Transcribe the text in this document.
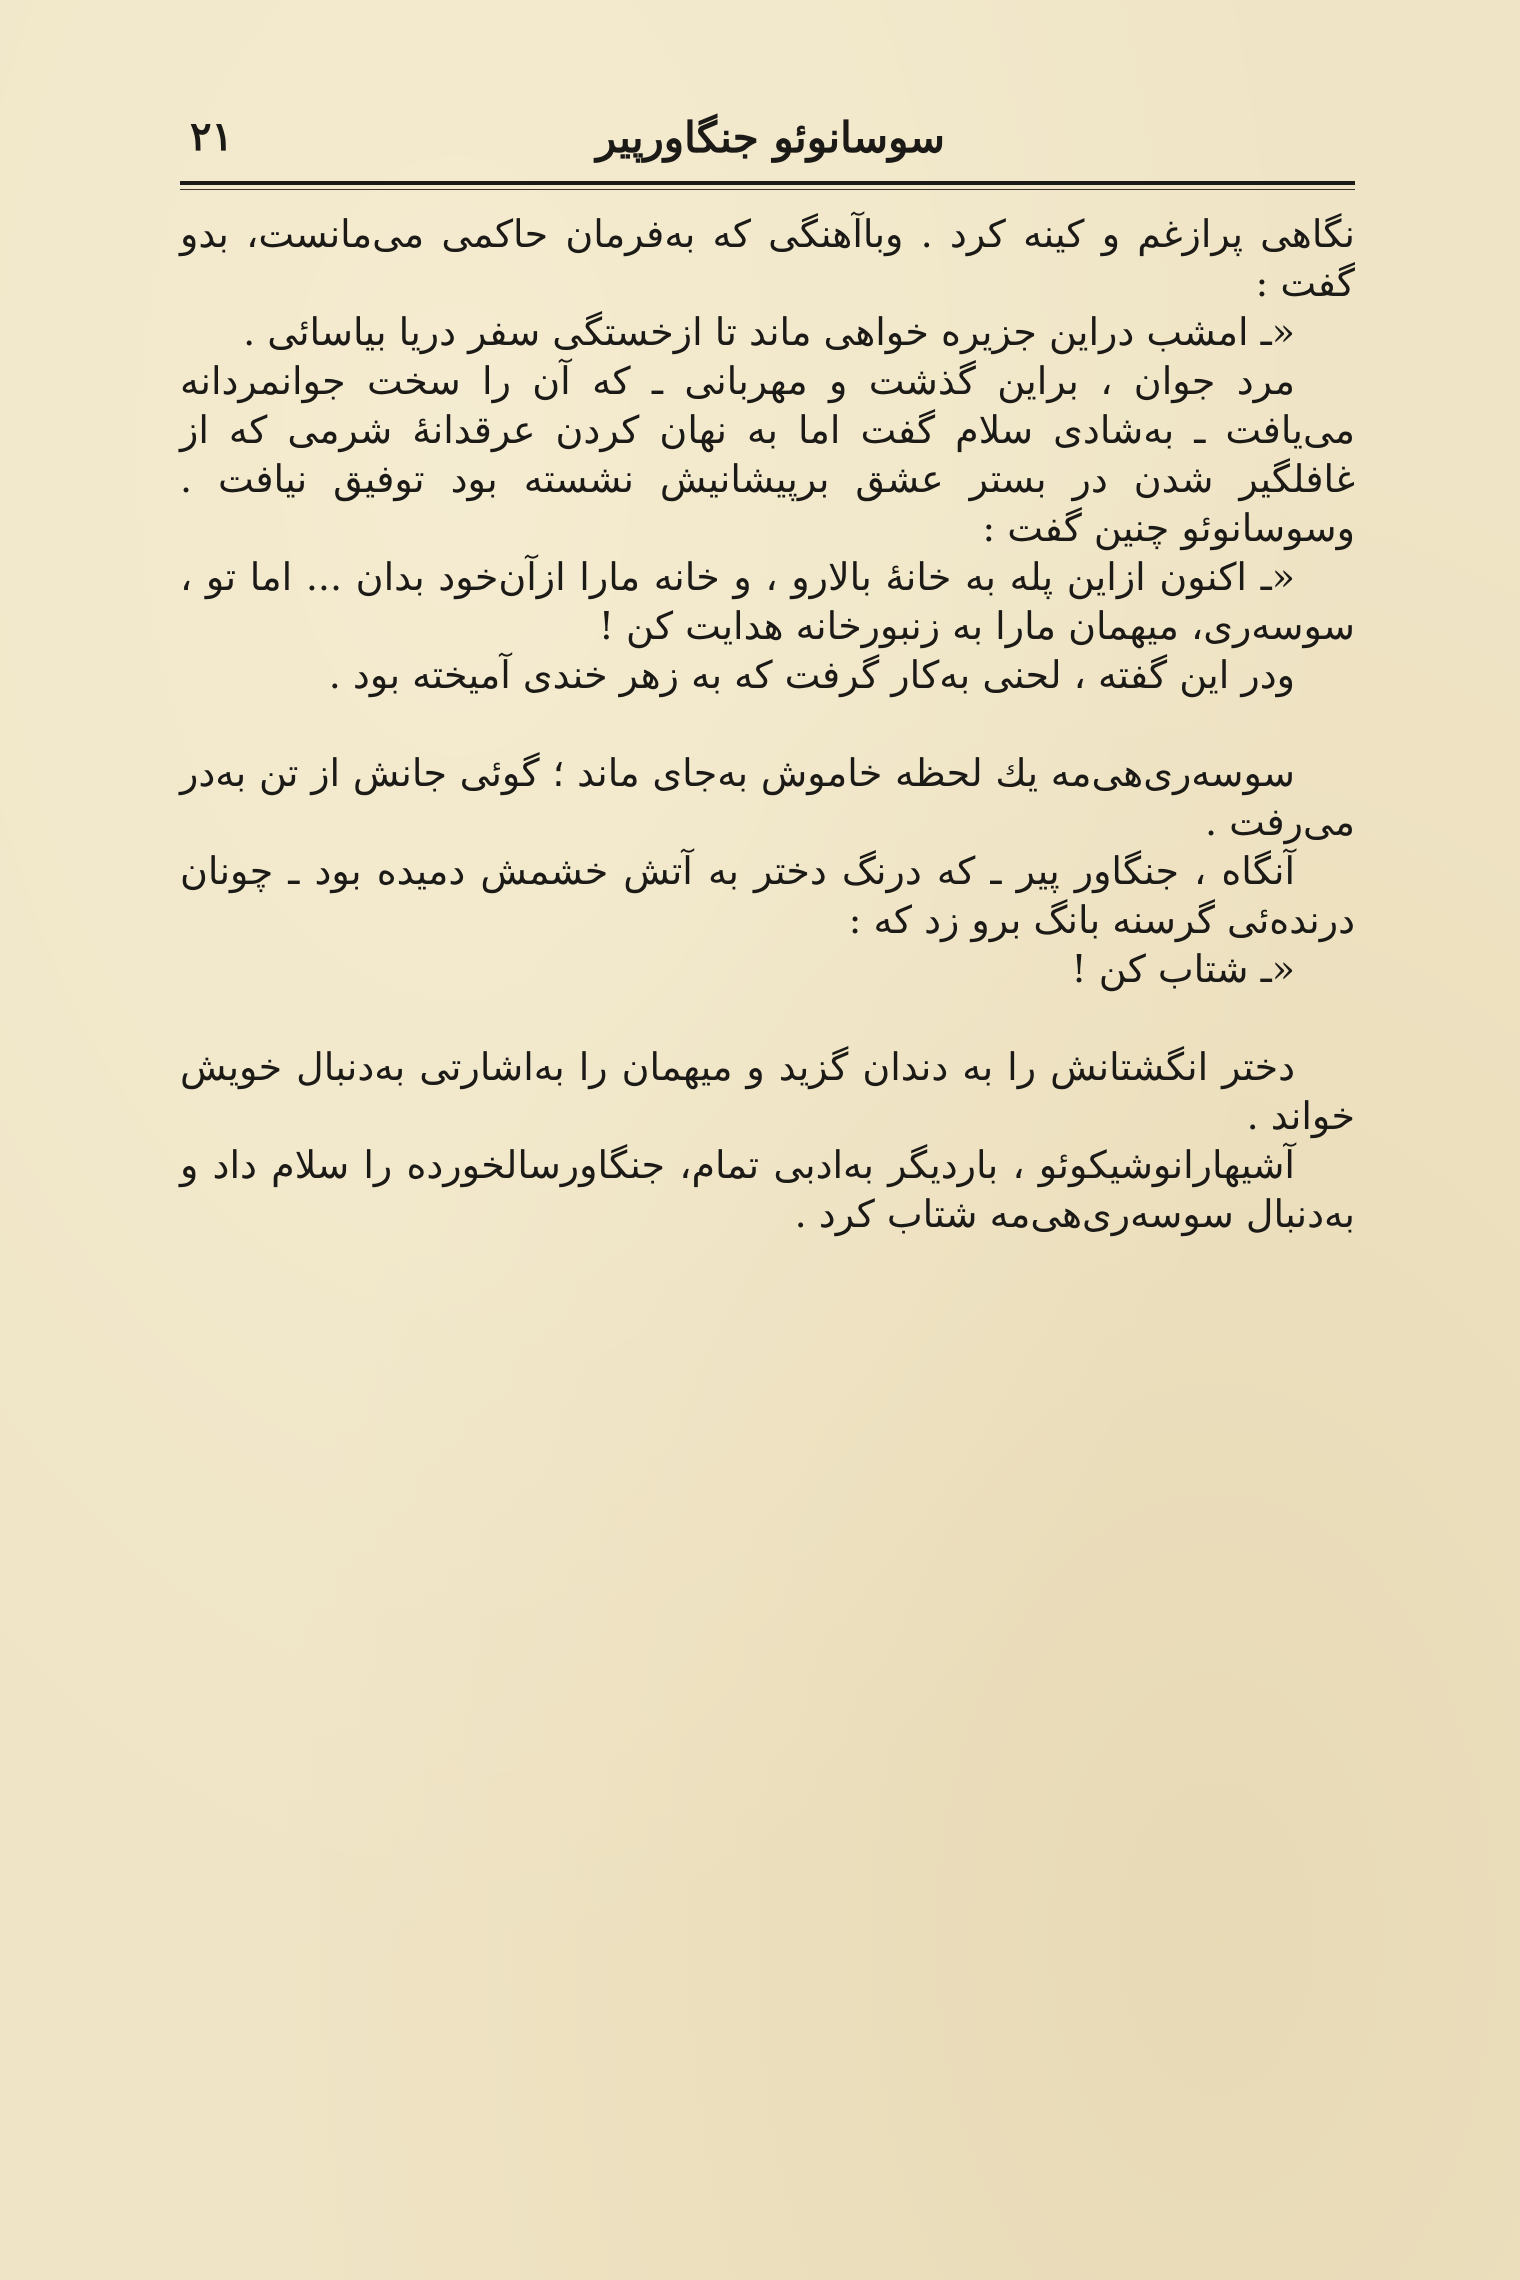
سوسانوئو جنگاورپیر
۲۱

نگاهی پرازغم و کینه کرد . وباآهنگی که به‌فرمان حاکمی می‌مانست، بدو گفت :

«ـ امشب دراین جزیره خواهی ماند تا ازخستگی سفر دریا بیاسائی .

مرد جوان ، براین گذشت و مهربانی ـ که آن را سخت جوانمردانه می‌یافت ـ به‌شادی سلام گفت اما به نهان کردن عرقدانهٔ شرمی که از غافلگیر شدن در بستر عشق برپیشانیش نشسته بود توفیق نیافت . وسوسانوئو چنین گفت :

«ـ اکنون ازاین پله به خانهٔ بالارو ، و خانه مارا ازآن‌خود بدان ... اما تو ، سوسه‌ری، میهمان مارا به زنبورخانه هدایت کن !

ودر این گفته ، لحنی به‌کار گرفت که به زهر خندی آمیخته بود .

سوسه‌ری‌هی‌مه یك لحظه خاموش به‌جای ماند ؛ گوئی جانش از تن به‌در می‌رفت .

آنگاه ، جنگاور پیر ـ که درنگ دختر به آتش خشمش دمیده بود ـ چونان درنده‌ئی گرسنه بانگ برو زد که :

«ـ شتاب کن !

دختر انگشتانش را به دندان گزید و میهمان را به‌اشارتی به‌دنبال خویش خواند .

آشیهارانوشیکوئو ، باردیگر به‌ادبی تمام، جنگاورسالخورده را سلام داد و به‌دنبال سوسه‌ری‌هی‌مه شتاب کرد .
